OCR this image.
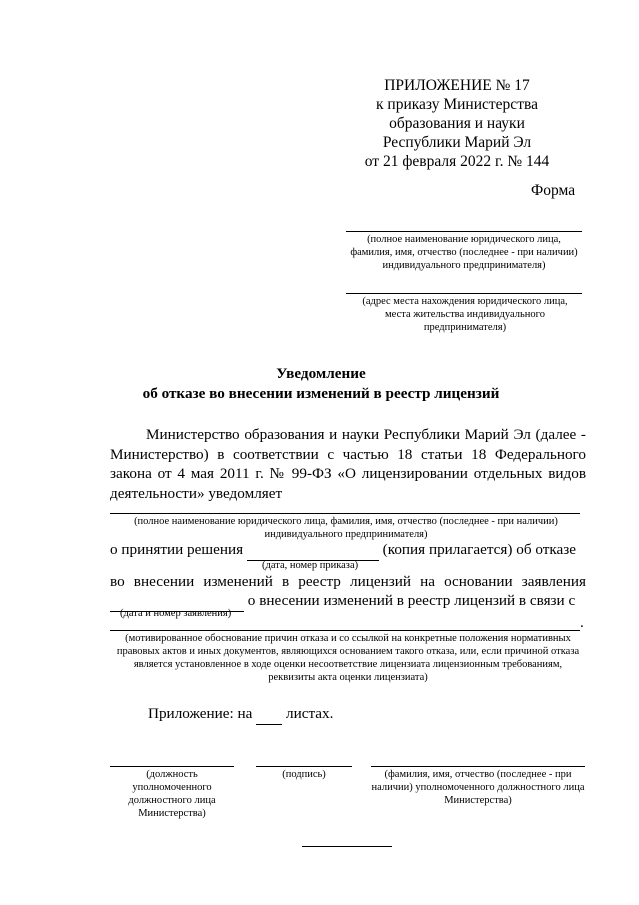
ПРИЛОЖЕНИЕ № 17
к приказу Министерства
образования и науки
Республики Марий Эл
от 21 февраля 2022 г. № 144
Форма
(полное наименование юридического лица, фамилия, имя, отчество (последнее - при наличии) индивидуального предпринимателя)
(адрес места нахождения юридического лица, места жительства индивидуального предпринимателя)
Уведомление
об отказе во внесении изменений в реестр лицензий
Министерство образования и науки Республики Марий Эл (далее - Министерство) в соответствии с частью 18 статьи 18 Федерального закона от 4 мая 2011 г. № 99-ФЗ «О лицензировании отдельных видов деятельности» уведомляет
(полное наименование юридического лица, фамилия, имя, отчество (последнее - при наличии) индивидуального предпринимателя)
о принятии решения	(копия прилагается) об отказе
(дата, номер приказа)
во внесении изменений в реестр лицензий на основании заявления
о внесении изменений в реестр лицензий в связи с
(дата и номер заявления)
.
(мотивированное обоснование причин отказа и со ссылкой на конкретные положения нормативных правовых актов и иных документов, являющихся основанием такого отказа, или, если причиной отказа является установленное в ходе оценки несоответствие лицензиата лицензионным требованиям, реквизиты акта оценки лицензиата)
Приложение: на листах.
(должность уполномоченного должностного лица Министерства)
(подпись)	(фамилия, имя, отчество (последнее - при наличии) уполномоченного должностного лица Министерства)
